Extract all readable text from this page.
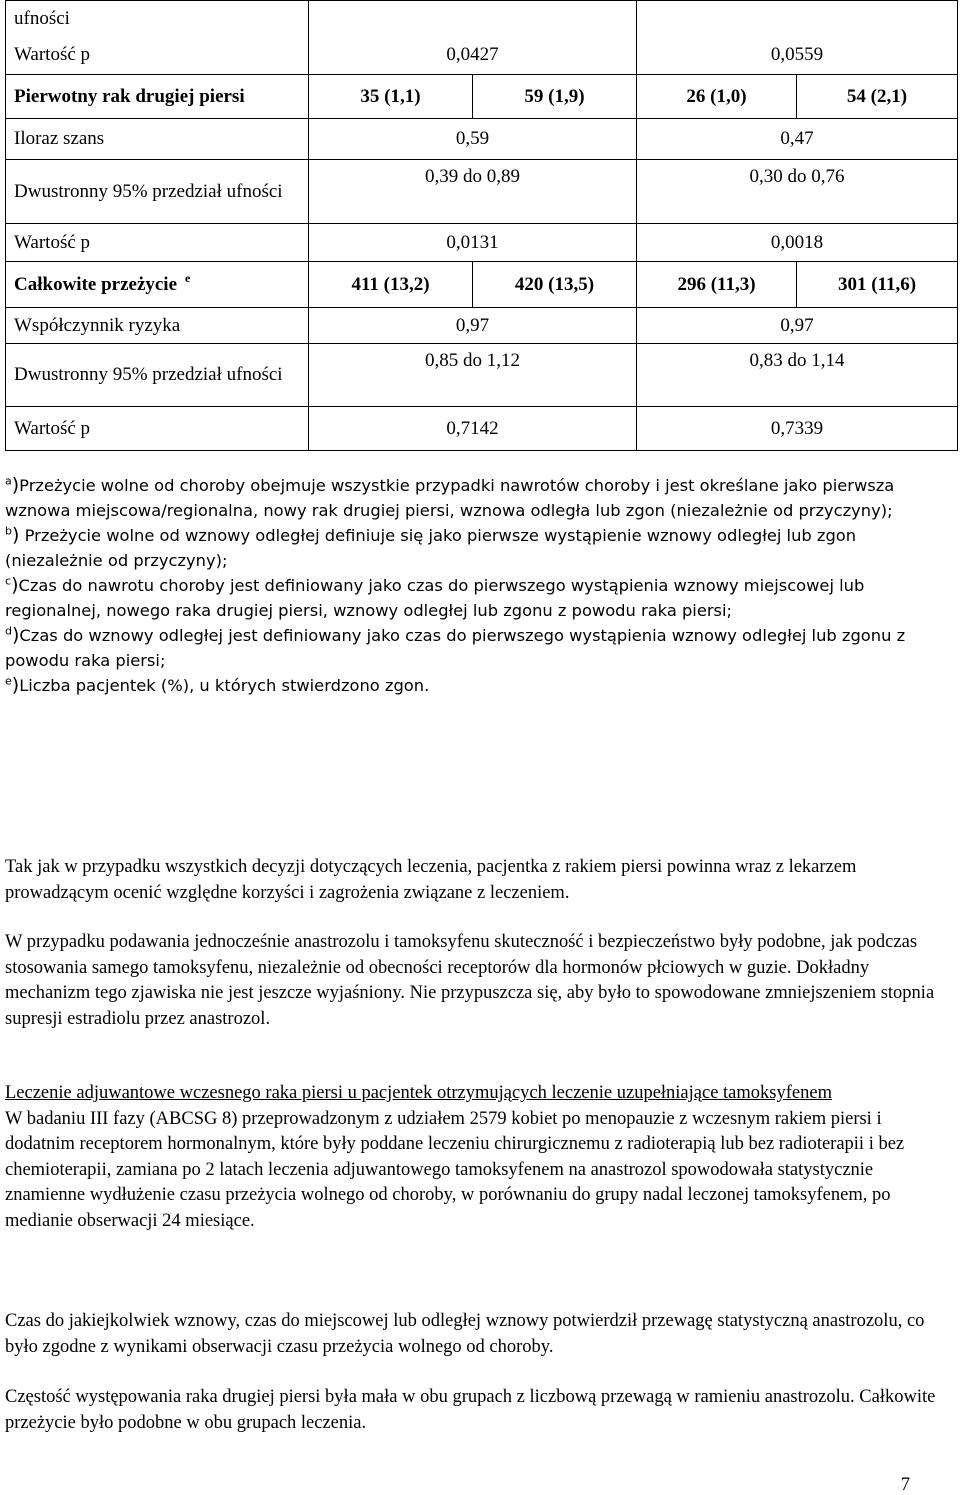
ufności				
Wartość p	0,0427		0,0559	
Pierwotny rak drugiej piersi	35 (1,1)	59 (1,9)	26 (1,0)	54 (2,1)
Iloraz szans	0,59		0,47	
Dwustronny 95% przedział ufności	0,39 do 0,89		0,30 do 0,76	
Wartość p	0,0131		0,0018	
Całkowite przeżycie $^e$	411 (13,2)	420 (13,5)	296 (11,3)	301 (11,6)
Współczynnik ryzyka	0,97		0,97	
Dwustronny 95% przedział ufności	0,85 do 1,12		0,83 do 1,14	
Wartość p	0,7142		0,7339	
$^a$)Przeżycie wolne od choroby obejmuje wszystkie przypadki nawrotów choroby i jest określane jako pierwsza wznowa miejscowa/regionalna, nowy rak drugiej piersi, wznowa odległa lub zgon (niezależnie od przyczyny);
$^b$) Przeżycie wolne od wznowy odległej definiuje się jako pierwsze wystąpienie wznowy odległej lub zgon (niezależnie od przyczyny);
$^c$)Czas do nawrotu choroby jest definiowany jako czas do pierwszego wystąpienia wznowy miejscowej lub regionalnej, nowego raka drugiej piersi, wznowy odległej lub zgonu z powodu raka piersi;
$^d$)Czas do wznowy odległej jest definiowany jako czas do pierwszego wystąpienia wznowy odległej lub zgonu z powodu raka piersi;
$^e$)Liczba pacjentek (%), u których stwierdzono zgon.
Tak jak w przypadku wszystkich decyzji dotyczących leczenia, pacjentka z rakiem piersi powinna wraz z lekarzem prowadzącym ocenić względne korzyści i zagrożenia związane z leczeniem.
W przypadku podawania jednocześnie anastrozolu i tamoksyfenu skuteczność i bezpieczeństwo były podobne, jak podczas stosowania samego tamoksyfenu, niezależnie od obecności receptorów dla hormonów płciowych w guzie. Dokładny mechanizm tego zjawiska nie jest jeszcze wyjaśniony. Nie przypuszcza się, aby było to spowodowane zmniejszeniem stopnia supresji estradiolu przez anastrozol.
Leczenie adjuwantowe wczesnego raka piersi u pacjentek otrzymujących leczenie uzupełniające tamoksyfenem
W badaniu III fazy (ABCSG 8) przeprowadzonym z udziałem 2579 kobiet po menopauzie z wczesnym rakiem piersi i dodatnim receptorem hormonalnym, które były poddane leczeniu chirurgicznemu z radioterapią lub bez radioterapii i bez chemioterapii, zamiana po 2 latach leczenia adjuwantowego tamoksyfenem na anastrozol spowodowała statystycznie znamienne wydłużenie czasu przeżycia wolnego od choroby, w porównaniu do grupy nadal leczonej tamoksyfenem, po medianie obserwacji 24 miesiące.
Czas do jakiejkolwiek wznowy, czas do miejscowej lub odległej wznowy potwierdził przewagę statystyczną anastrozolu, co było zgodne z wynikami obserwacji czasu przeżycia wolnego od choroby.
Częstość występowania raka drugiej piersi była mała w obu grupach z liczbową przewagą w ramieniu anastrozolu. Całkowite przeżycie było podobne w obu grupach leczenia.
7
